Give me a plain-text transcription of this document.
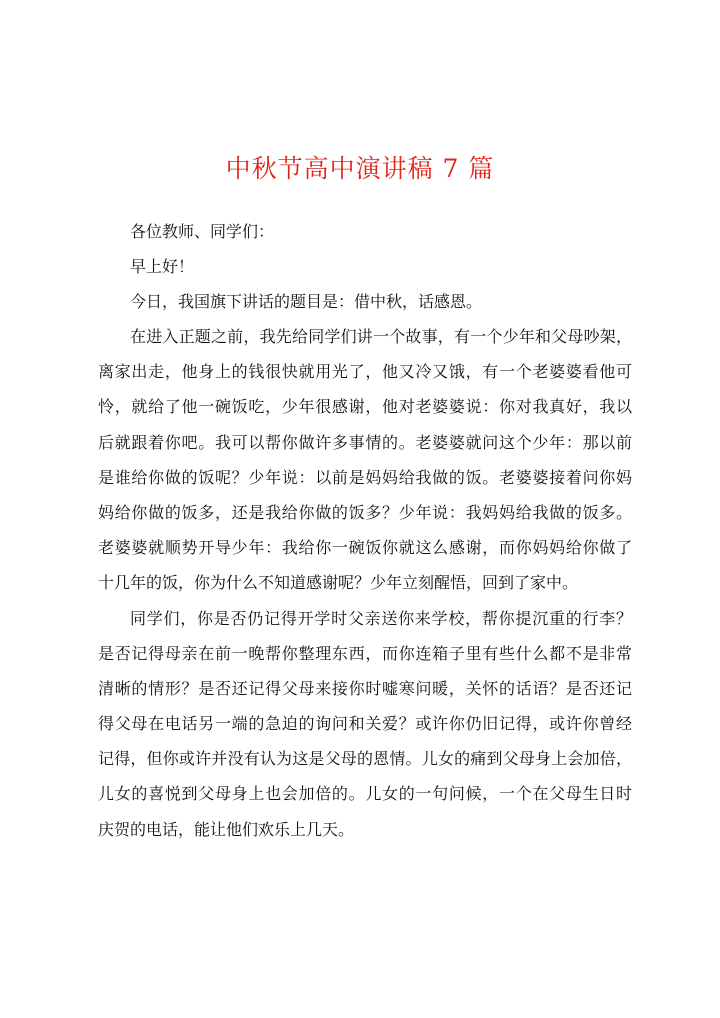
中秋节高中演讲稿 7 篇
各位教师、同学们：
早上好！
今日，我国旗下讲话的题目是：借中秋，话感恩。
在进入正题之前，我先给同学们讲一个故事，有一个少年和父母吵架，
离家出走，他身上的钱很快就用光了，他又冷又饿，有一个老婆婆看他可
怜，就给了他一碗饭吃，少年很感谢，他对老婆婆说：你对我真好，我以
后就跟着你吧。我可以帮你做许多事情的。老婆婆就问这个少年：那以前
是谁给你做的饭呢？少年说：以前是妈妈给我做的饭。老婆婆接着问你妈
妈给你做的饭多，还是我给你做的饭多？少年说：我妈妈给我做的饭多。
老婆婆就顺势开导少年：我给你一碗饭你就这么感谢，而你妈妈给你做了
十几年的饭，你为什么不知道感谢呢？少年立刻醒悟，回到了家中。
同学们，你是否仍记得开学时父亲送你来学校，帮你提沉重的行李？
是否记得母亲在前一晚帮你整理东西，而你连箱子里有些什么都不是非常
清晰的情形？是否还记得父母来接你时嘘寒问暖，关怀的话语？是否还记
得父母在电话另一端的急迫的询问和关爱？或许你仍旧记得，或许你曾经
记得，但你或许并没有认为这是父母的恩情。儿女的痛到父母身上会加倍，
儿女的喜悦到父母身上也会加倍的。儿女的一句问候，一个在父母生日时
庆贺的电话，能让他们欢乐上几天。
